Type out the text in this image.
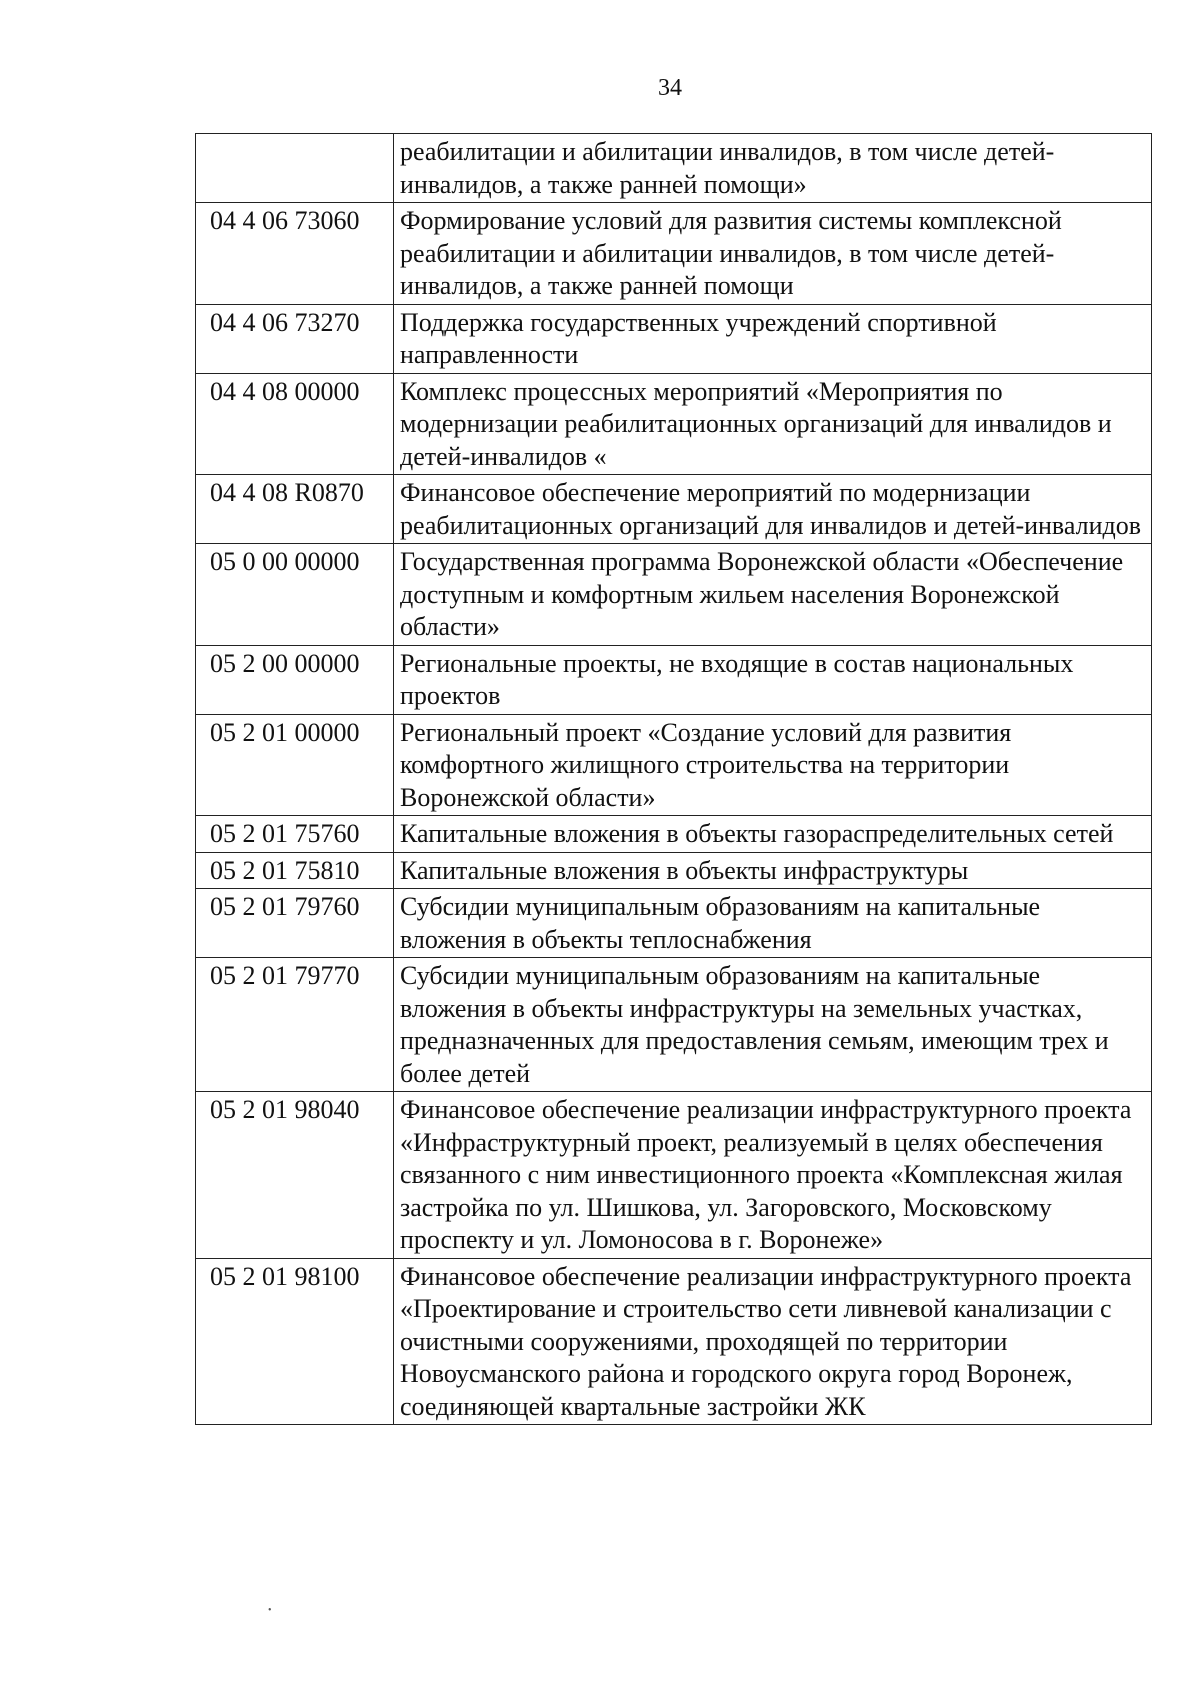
34
	реабилитации и абилитации инвалидов, в том числе детей-инвалидов, а также ранней помощи»
04 4 06 73060	Формирование условий для развития системы комплексной реабилитации и абилитации инвалидов, в том числе детей-инвалидов, а также ранней помощи
04 4 06 73270	Поддержка государственных учреждений спортивной направленности
04 4 08 00000	Комплекс процессных мероприятий «Мероприятия по модернизации реабилитационных организаций для инвалидов и детей-инвалидов «
04 4 08 R0870	Финансовое обеспечение мероприятий по модернизации реабилитационных организаций для инвалидов и детей-инвалидов
05 0 00 00000	Государственная программа Воронежской области «Обеспечение доступным и комфортным жильем населения Воронежской области»
05 2 00 00000	Региональные проекты, не входящие в состав национальных проектов
05 2 01 00000	Региональный проект «Создание условий для развития комфортного жилищного строительства на территории Воронежской области»
05 2 01 75760	Капитальные вложения в объекты газораспределительных сетей
05 2 01 75810	Капитальные вложения в объекты инфраструктуры
05 2 01 79760	Субсидии муниципальным образованиям на капитальные вложения в объекты теплоснабжения
05 2 01 79770	Субсидии муниципальным образованиям на капитальные вложения в объекты инфраструктуры на земельных участках, предназначенных для предоставления семьям, имеющим трех и более детей
05 2 01 98040	Финансовое обеспечение реализации инфраструктурного проекта «Инфраструктурный проект, реализуемый в целях обеспечения связанного с ним инвестиционного проекта «Комплексная жилая застройка по ул. Шишкова, ул. Загоровского, Московскому проспекту и ул. Ломоносова в г. Воронеже»
05 2 01 98100	Финансовое обеспечение реализации инфраструктурного проекта «Проектирование и строительство сети ливневой канализации с очистными сооружениями, проходящей по территории Новоусманского района и городского округа город Воронеж, соединяющей квартальные застройки ЖК
•
